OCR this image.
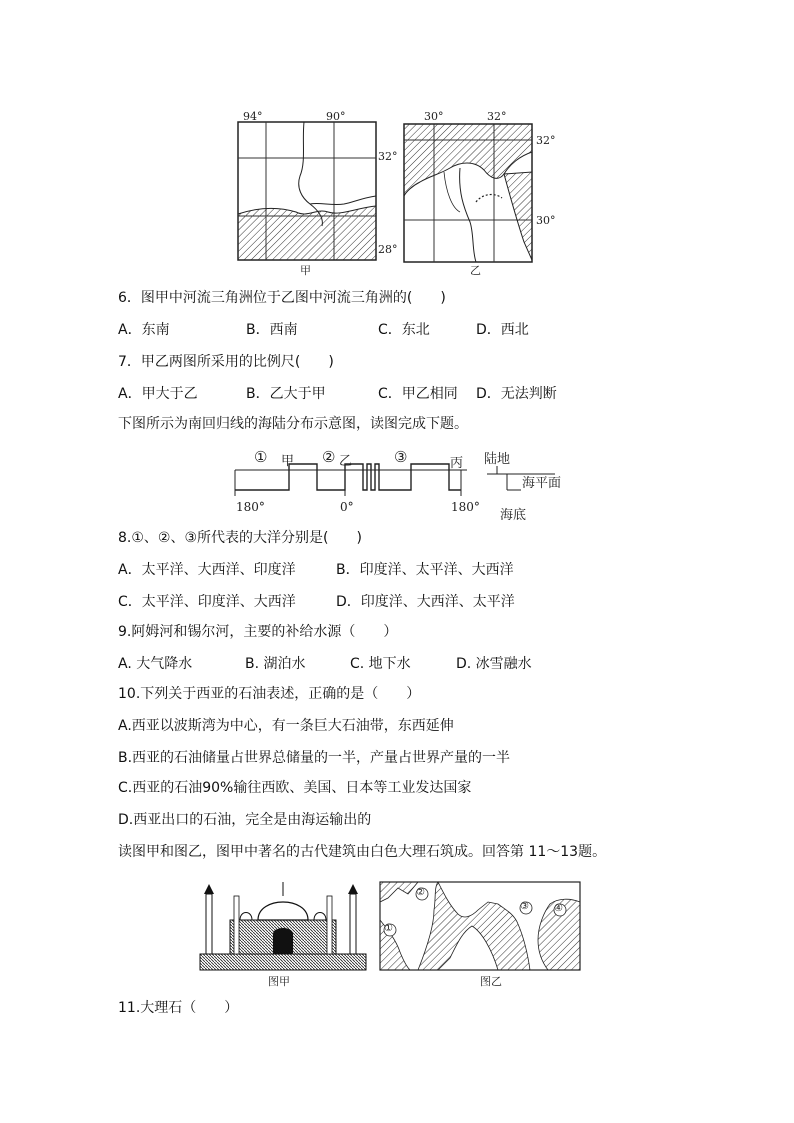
94°	90°
32°
28°
甲
30°	32°
32°
30°
乙
6．图甲中河流三角洲位于乙图中河流三角洲的(　　)
A．东南	B．西南	C．东北	D．西北
7．甲乙两图所采用的比例尺(　　)
A．甲大于乙	B．乙大于甲	C．甲乙相同 D．无法判断
下图所示为南回归线的海陆分布示意图，读图完成下题。
① 甲 ② 乙	③	丙
180°	0°	180°
陆地
海平面
海底
8.①、②、③所代表的大洋分别是(　　)
A．太平洋、大西洋、印度洋	B．印度洋、太平洋、大西洋
C．太平洋、印度洋、大西洋	D．印度洋、大西洋、太平洋
9.阿姆河和锡尔河，主要的补给水源（　　）
A. 大气降水	B. 湖泊水	C. 地下水	D. 冰雪融水
10.下列关于西亚的石油表述，正确的是（　　）
A.西亚以波斯湾为中心，有一条巨大石油带，东西延伸
B.西亚的石油储量占世界总储量的一半，产量占世界产量的一半
C.西亚的石油90%输往西欧、美国、日本等工业发达国家
D.西亚出口的石油，完全是由海运输出的
读图甲和图乙，图甲中著名的古代建筑由白色大理石筑成。回答第 11～13题。
图甲
①
②
③	④
图乙
11.大理石（　　）
